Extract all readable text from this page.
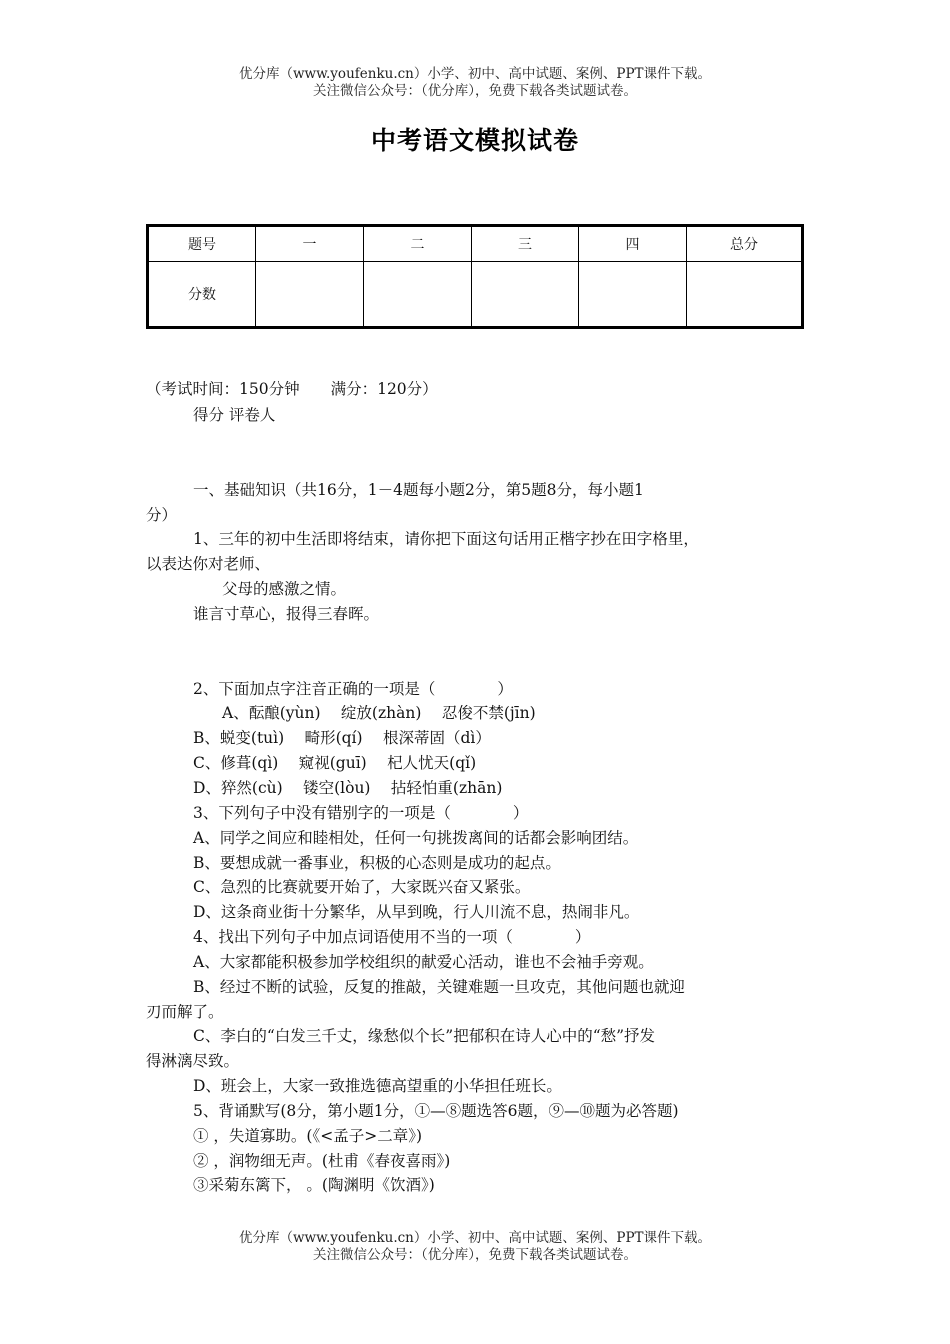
优分库（www.youfenku.cn）小学、初中、高中试题、案例、PPT课件下载。
关注微信公众号：（优分库），免费下载各类试题试卷。
中考语文模拟试卷
题号	一	二	三	四	总分
分数					
（考试时间：150分钟　　满分：120分）
得分 评卷人
一、基础知识（共16分，1－4题每小题2分，第5题8分，每小题1
分）
1、三年的初中生活即将结束，请你把下面这句话用正楷字抄在田字格里，
以表达你对老师、
父母的感激之情。
谁言寸草心，报得三春晖。
2、下面加点字注音正确的一项是（　　　　）
A、酝酿(yùn)　 绽放(zhàn)　 忍俊不禁(jīn)
B、蜕变(tuì)　 畸形(qí)　 根深蒂固（dì）
C、修葺(qì)　 窥视(guī)　 杞人忧天(qǐ)
D、猝然(cù)　 镂空(lòu)　 拈轻怕重(zhān)
3、下列句子中没有错别字的一项是（　　　　）
A、同学之间应和睦相处，任何一句挑拨离间的话都会影响团结。
B、要想成就一番事业，积极的心态则是成功的起点。
C、急烈的比赛就要开始了，大家既兴奋又紧张。
D、这条商业街十分繁华，从早到晚，行人川流不息，热闹非凡。
4、找出下列句子中加点词语使用不当的一项（　　　　）
A、大家都能积极参加学校组织的献爱心活动，谁也不会袖手旁观。
B、经过不断的试验，反复的推敲，关键难题一旦攻克，其他问题也就迎
刃而解了。
C、李白的“白发三千丈，缘愁似个长”把郁积在诗人心中的“愁”抒发
得淋漓尽致。
D、班会上，大家一致推选德高望重的小华担任班长。
5、背诵默写(8分，第小题1分，①—⑧题选答6题，⑨—⑩题为必答题)
① ，失道寡助。(《<孟子>二章》)
② ，润物细无声。(杜甫《春夜喜雨》)
③采菊东篱下， 。(陶渊明《饮酒》)
优分库（www.youfenku.cn）小学、初中、高中试题、案例、PPT课件下载。
关注微信公众号：（优分库），免费下载各类试题试卷。
